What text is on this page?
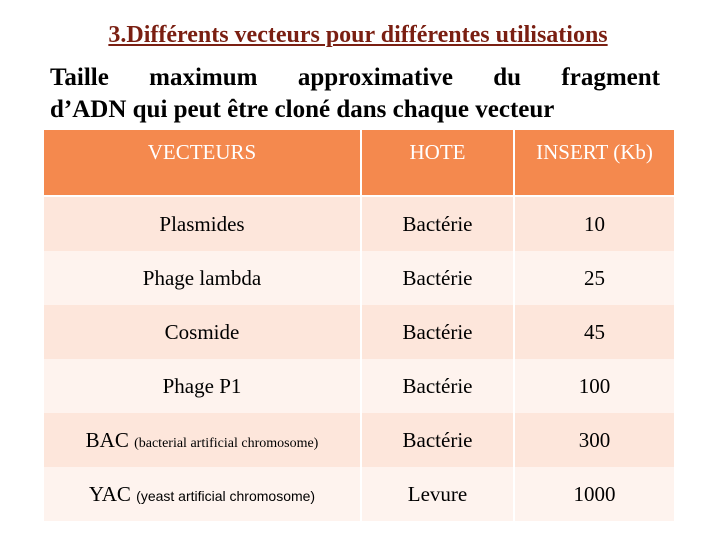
3.Différents vecteurs pour différentes utilisations
Taille maximum approximative du fragment
d’ADN qui peut être cloné dans chaque vecteur
VECTEURS	HOTE	INSERT (Kb)
Plasmides	Bactérie	10
Phage lambda	Bactérie	25
Cosmide	Bactérie	45
Phage P1	Bactérie	100
BAC (bacterial artificial chromosome)	Bactérie	300
YAC (yeast artificial chromosome)	Levure	1000
